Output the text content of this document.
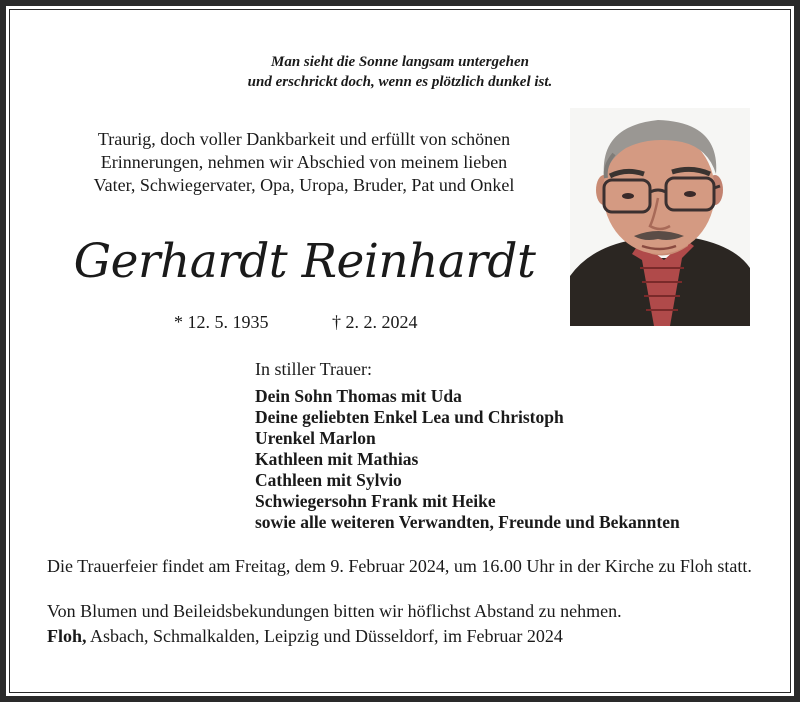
Man sieht die Sonne langsam untergehen
und erschrickt doch, wenn es plötzlich dunkel ist.
Traurig, doch voller Dankbarkeit und erfüllt von schönen
Erinnerungen, nehmen wir Abschied von meinem lieben
Vater, Schwiegervater, Opa, Uropa, Bruder, Pat und Onkel
Gerhardt Reinhardt
* 12. 5. 1935	† 2. 2. 2024
In stiller Trauer:
Dein Sohn Thomas mit Uda
Deine geliebten Enkel Lea und Christoph
Urenkel Marlon
Kathleen mit Mathias
Cathleen mit Sylvio
Schwiegersohn Frank mit Heike
sowie alle weiteren Verwandten, Freunde und Bekannten
Die Trauerfeier findet am Freitag, dem 9. Februar 2024, um 16.00 Uhr in der Kirche zu Floh statt.
Von Blumen und Beileidsbekundungen bitten wir höflichst Abstand zu nehmen.
Floh, Asbach, Schmalkalden, Leipzig und Düsseldorf, im Februar 2024
